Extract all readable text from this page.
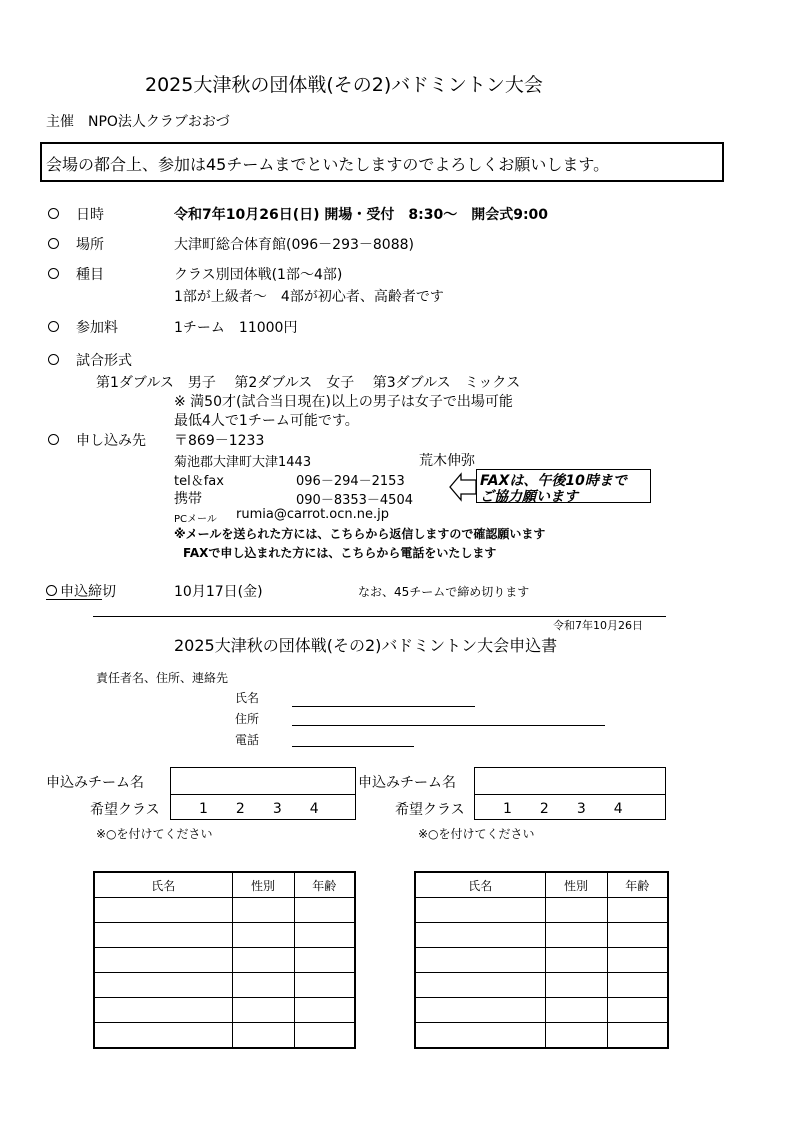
2025大津秋の団体戦(その2)バドミントン大会
主催　NPO法人クラブおおづ
会場の都合上、参加は45チームまでといたしますのでよろしくお願いします。
日時	令和7年10月26日(日) 開場・受付　8:30～　開会式9:00
場所	大津町総合体育館(096－293－8088)
種目	クラス別団体戦(1部～4部)
1部が上級者～　4部が初心者、高齢者です
参加料	1チーム　11000円
試合形式
第1ダブルス　男子　 第2ダブルス　女子　 第3ダブルス　ミックス
※ 満50才(試合当日現在)以上の男子は女子で出場可能
最低4人で1チーム可能です。
申し込み先 〒869－1233
菊池郡大津町大津1443	荒木伸弥
tel＆fax	096－294－2153
携帯	090－8353－4504
FAXは、午後10時まで
ご協力願います
PCメール rumia@carrot.ocn.ne.jp
※メールを送られた方には、こちらから返信しますので確認願います
FAXで申し込まれた方には、こちらから電話をいたします
申込締切	10月17日(金)	なお、45チームで締め切ります
令和7年10月26日
2025大津秋の団体戦(その2)バドミントン大会申込書
責任者名、住所、連絡先
氏名
住所
電話
申込みチーム名
希望クラス	1　　2　　3　　4
※○を付けてください
申込みチーム名
希望クラス	1　　2　　3　　4
※○を付けてください
氏名	性別	年齢

			氏名	性別	年齢
